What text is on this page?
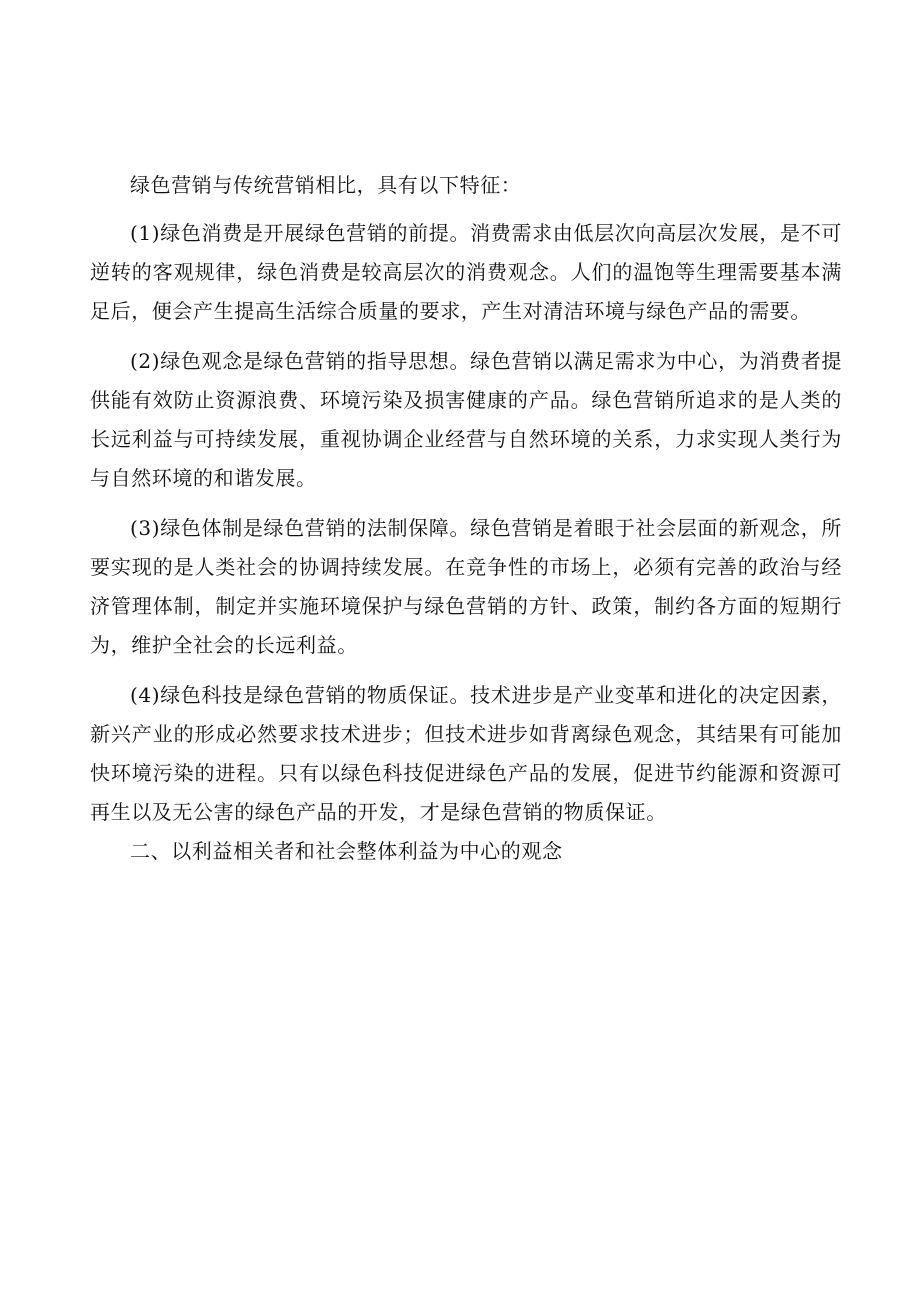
绿色营销与传统营销相比，具有以下特征：

(1)绿色消费是开展绿色营销的前提。消费需求由低层次向高层次发展，是不可逆转的客观规律，绿色消费是较高层次的消费观念。人们的温饱等生理需要基本满足后，便会产生提高生活综合质量的要求，产生对清洁环境与绿色产品的需要。

(2)绿色观念是绿色营销的指导思想。绿色营销以满足需求为中心，为消费者提供能有效防止资源浪费、环境污染及损害健康的产品。绿色营销所追求的是人类的长远利益与可持续发展，重视协调企业经营与自然环境的关系，力求实现人类行为与自然环境的和谐发展。

(3)绿色体制是绿色营销的法制保障。绿色营销是着眼于社会层面的新观念，所要实现的是人类社会的协调持续发展。在竞争性的市场上，必须有完善的政治与经济管理体制，制定并实施环境保护与绿色营销的方针、政策，制约各方面的短期行为，维护全社会的长远利益。

(4)绿色科技是绿色营销的物质保证。技术进步是产业变革和进化的决定因素，新兴产业的形成必然要求技术进步；但技术进步如背离绿色观念，其结果有可能加快环境污染的进程。只有以绿色科技促进绿色产品的发展，促进节约能源和资源可再生以及无公害的绿色产品的开发，才是绿色营销的物质保证。

二、以利益相关者和社会整体利益为中心的观念
